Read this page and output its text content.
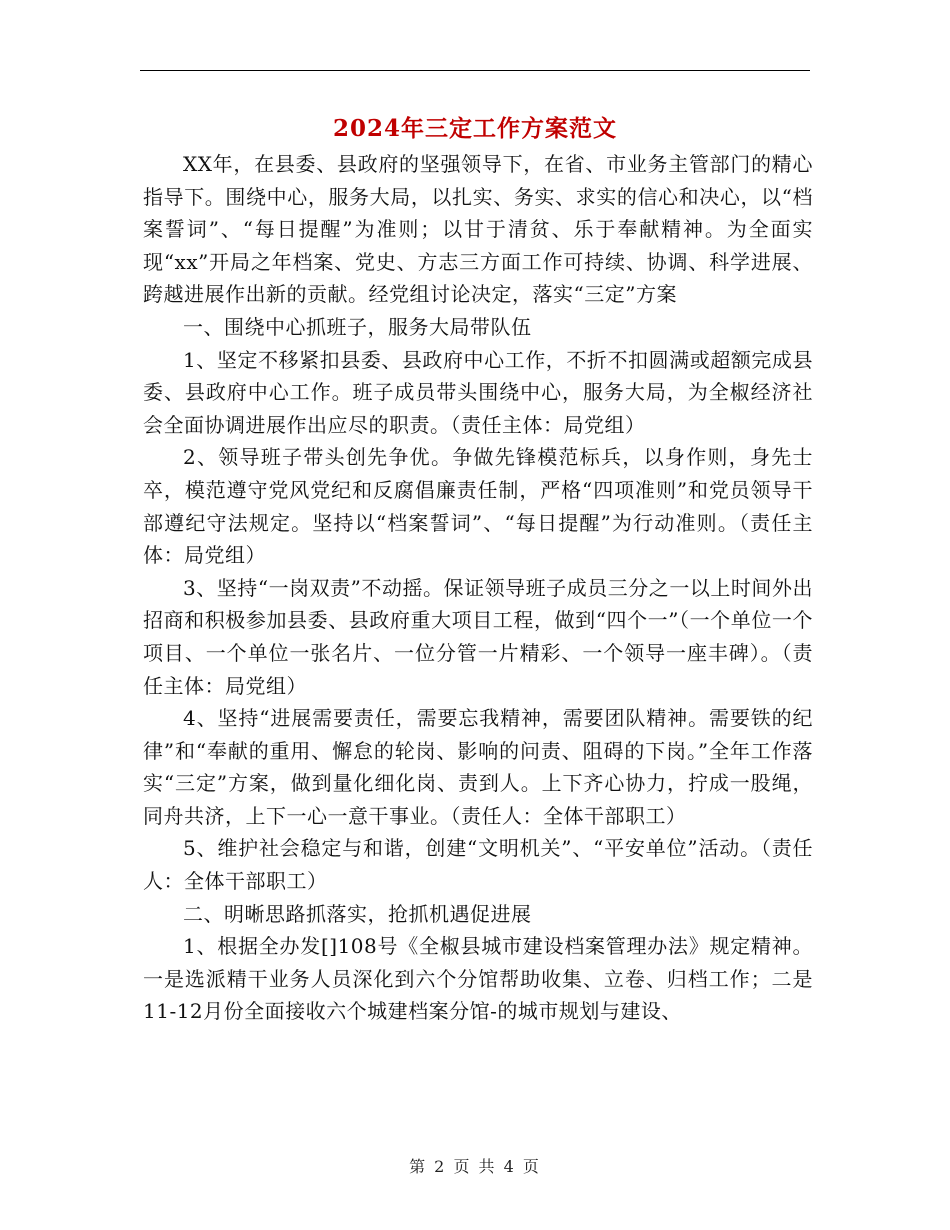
2024年三定工作方案范文

XX年，在县委、县政府的坚强领导下，在省、市业务主管部门的精心指导下。围绕中心，服务大局，以扎实、务实、求实的信心和决心，以“档案誓词”、“每日提醒”为准则；以甘于清贫、乐于奉献精神。为全面实现“xx”开局之年档案、党史、方志三方面工作可持续、协调、科学进展、跨越进展作出新的贡献。经党组讨论决定，落实“三定”方案

一、围绕中心抓班子，服务大局带队伍

1、坚定不移紧扣县委、县政府中心工作，不折不扣圆满或超额完成县委、县政府中心工作。班子成员带头围绕中心，服务大局，为全椒经济社会全面协调进展作出应尽的职责。（责任主体：局党组）

2、领导班子带头创先争优。争做先锋模范标兵，以身作则，身先士卒，模范遵守党风党纪和反腐倡廉责任制，严格“四项准则”和党员领导干部遵纪守法规定。坚持以“档案誓词”、“每日提醒”为行动准则。（责任主体：局党组）

3、坚持“一岗双责”不动摇。保证领导班子成员三分之一以上时间外出招商和积极参加县委、县政府重大项目工程，做到“四个一”（一个单位一个项目、一个单位一张名片、一位分管一片精彩、一个领导一座丰碑）。（责任主体：局党组）

4、坚持“进展需要责任，需要忘我精神，需要团队精神。需要铁的纪律”和“奉献的重用、懈怠的轮岗、影响的问责、阻碍的下岗。”全年工作落实“三定”方案，做到量化细化岗、责到人。上下齐心协力，拧成一股绳，同舟共济，上下一心一意干事业。（责任人：全体干部职工）

5、维护社会稳定与和谐，创建“文明机关”、“平安单位”活动。（责任人：全体干部职工）

二、明晰思路抓落实，抢抓机遇促进展

1、根据全办发[]108号《全椒县城市建设档案管理办法》规定精神。一是选派精干业务人员深化到六个分馆帮助收集、立卷、归档工作；二是11-12月份全面接收六个城建档案分馆-的城市规划与建设、

第 2 页 共 4 页
